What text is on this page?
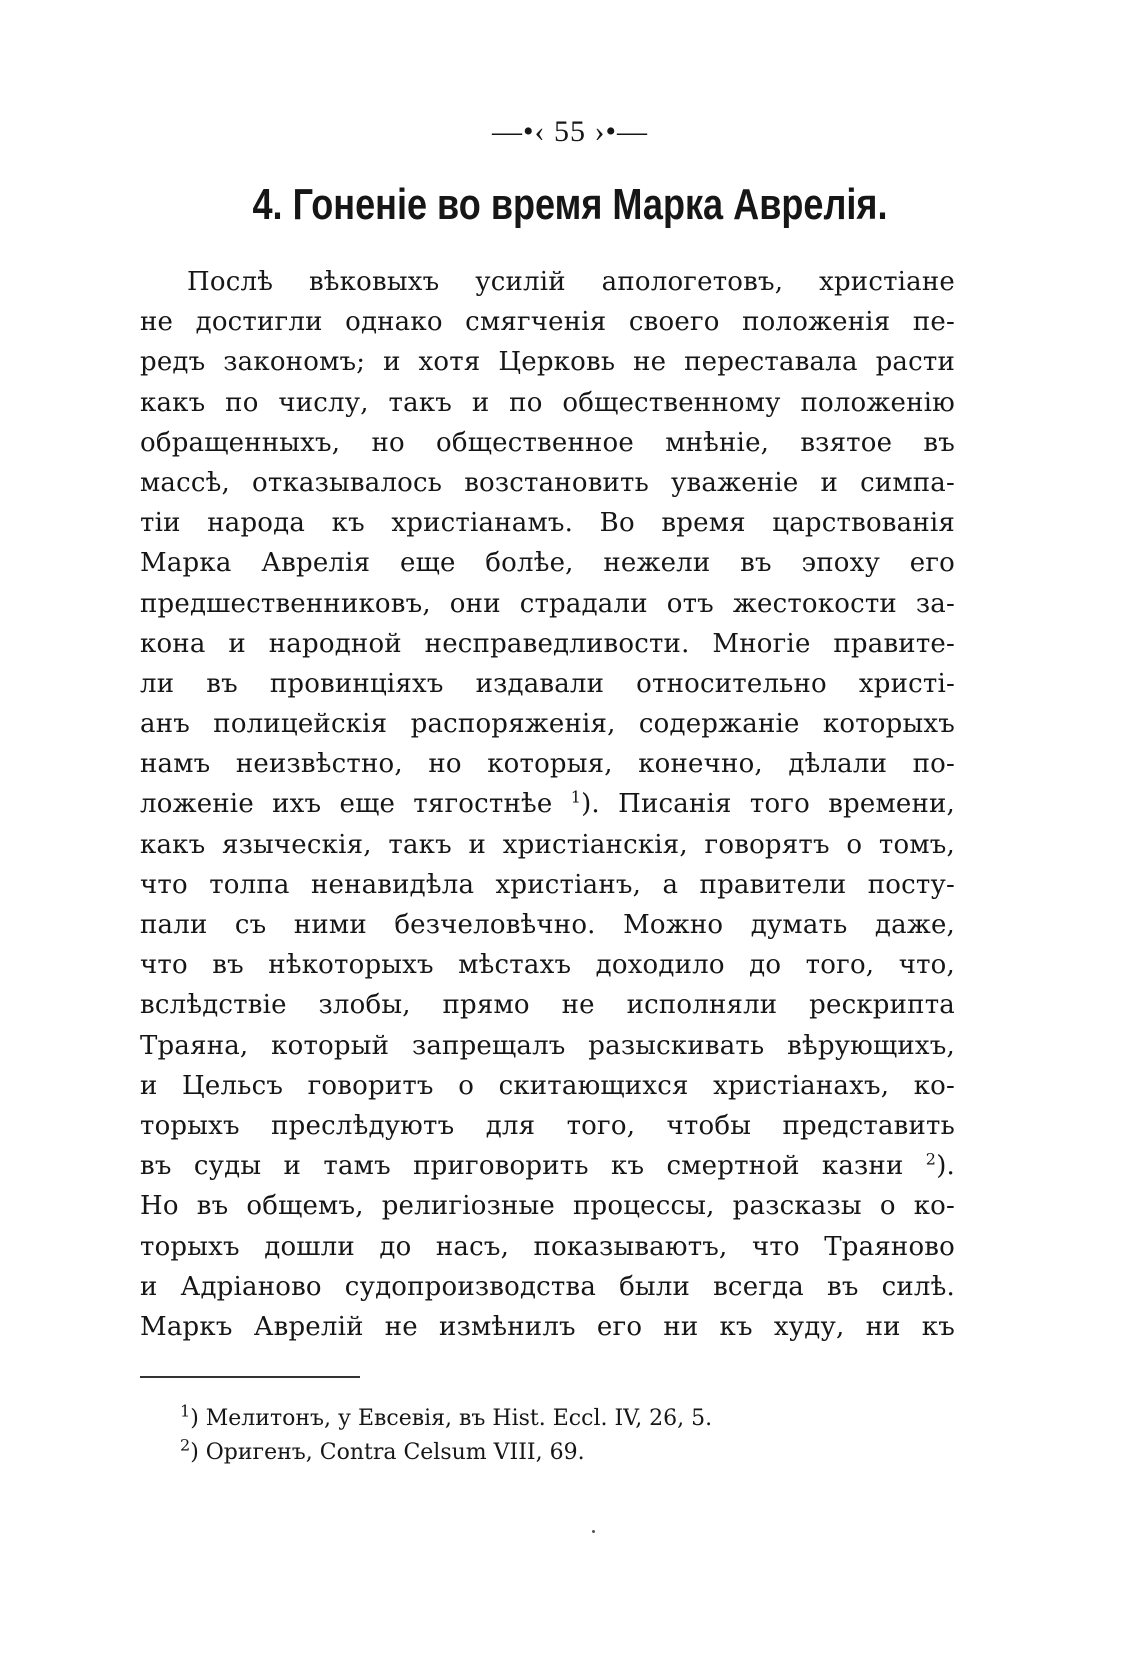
—•‹ 55 ›•—
4. Гоненіе во время Марка Аврелія.
Послѣ вѣковыхъ усилій апологетовъ, христіане
не достигли однако смягченія своего положенія пе-
редъ закономъ; и хотя Церковь не переставала расти
какъ по числу, такъ и по общественному положенію
обращенныхъ, но общественное мнѣніе, взятое въ
массѣ, отказывалось возстановить уваженіе и симпа-
тіи народа къ христіанамъ. Во время царствованія
Марка Аврелія еще болѣе, нежели въ эпоху его
предшественниковъ, они страдали отъ жестокости за-
кона и народной несправедливости. Многіе правите-
ли въ провинціяхъ издавали относительно христі-
анъ полицейскія распоряженія, содержаніе которыхъ
намъ неизвѣстно, но которыя, конечно, дѣлали по-
ложеніе ихъ еще тягостнѣе $^1$). Писанія того времени,
какъ языческія, такъ и христіанскія, говорятъ о томъ,
что толпа ненавидѣла христіанъ, а правители посту-
пали съ ними безчеловѣчно. Можно думать даже,
что въ нѣкоторыхъ мѣстахъ доходило до того, что,
вслѣдствіе злобы, прямо не исполняли рескрипта
Траяна, который запрещалъ разыскивать вѣрующихъ,
и Цельсъ говоритъ о скитающихся христіанахъ, ко-
торыхъ преслѣдуютъ для того, чтобы представить
въ суды и тамъ приговорить къ смертной казни $^2$).
Но въ общемъ, религіозные процессы, разсказы о ко-
торыхъ дошли до насъ, показываютъ, что Траяново
и Адріаново судопроизводства были всегда въ силѣ.
Маркъ Аврелій не измѣнилъ его ни къ худу, ни къ
$^1$) Мелитонъ, у Евсевія, въ Hist. Eccl. IV, 26, 5.
$^2$) Оригенъ, Contra Celsum VIII, 69.
